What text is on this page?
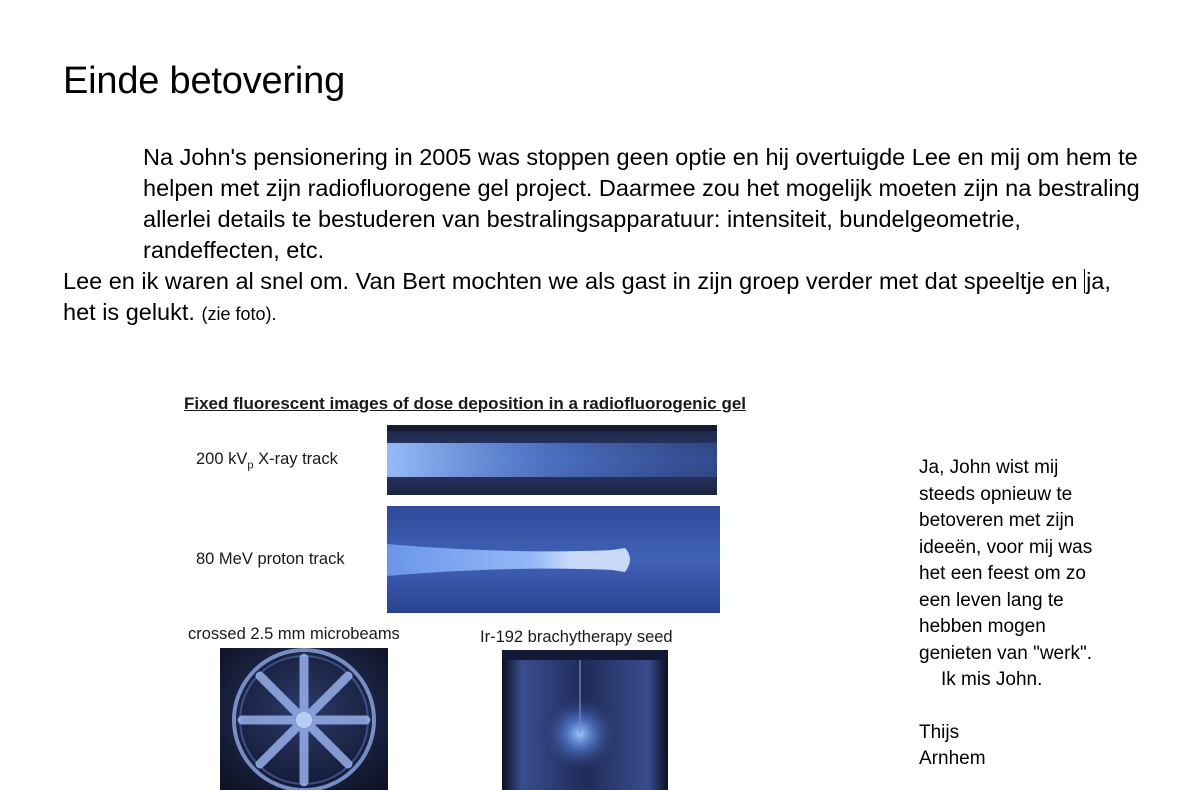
Einde betovering

Na John's pensionering in 2005 was stoppen geen optie en hij overtuigde Lee en mij om hem te helpen met zijn radiofluorogene gel project. Daarmee zou het mogelijk moeten zijn na bestraling allerlei details te bestuderen van bestralingsapparatuur: intensiteit, bundelgeometrie, randeffecten, etc.

Lee en ik waren al snel om. Van Bert mochten we als gast in zijn groep verder met dat speeltje en ja, het is gelukt. (zie foto).

Fixed fluorescent images of dose deposition in a radiofluorogenic gel
200 $kV_p$ X-ray track
80 MeV proton track
crossed 2.5 mm microbeams	Ir-192 brachytherapy seed

Ja, John wist mij

steeds opnieuw te

betoveren met zijn

ideeën, voor mij was

het een feest om zo

een leven lang te

hebben mogen

genieten van "werk".

Ik mis John.

Thijs

Arnhem
